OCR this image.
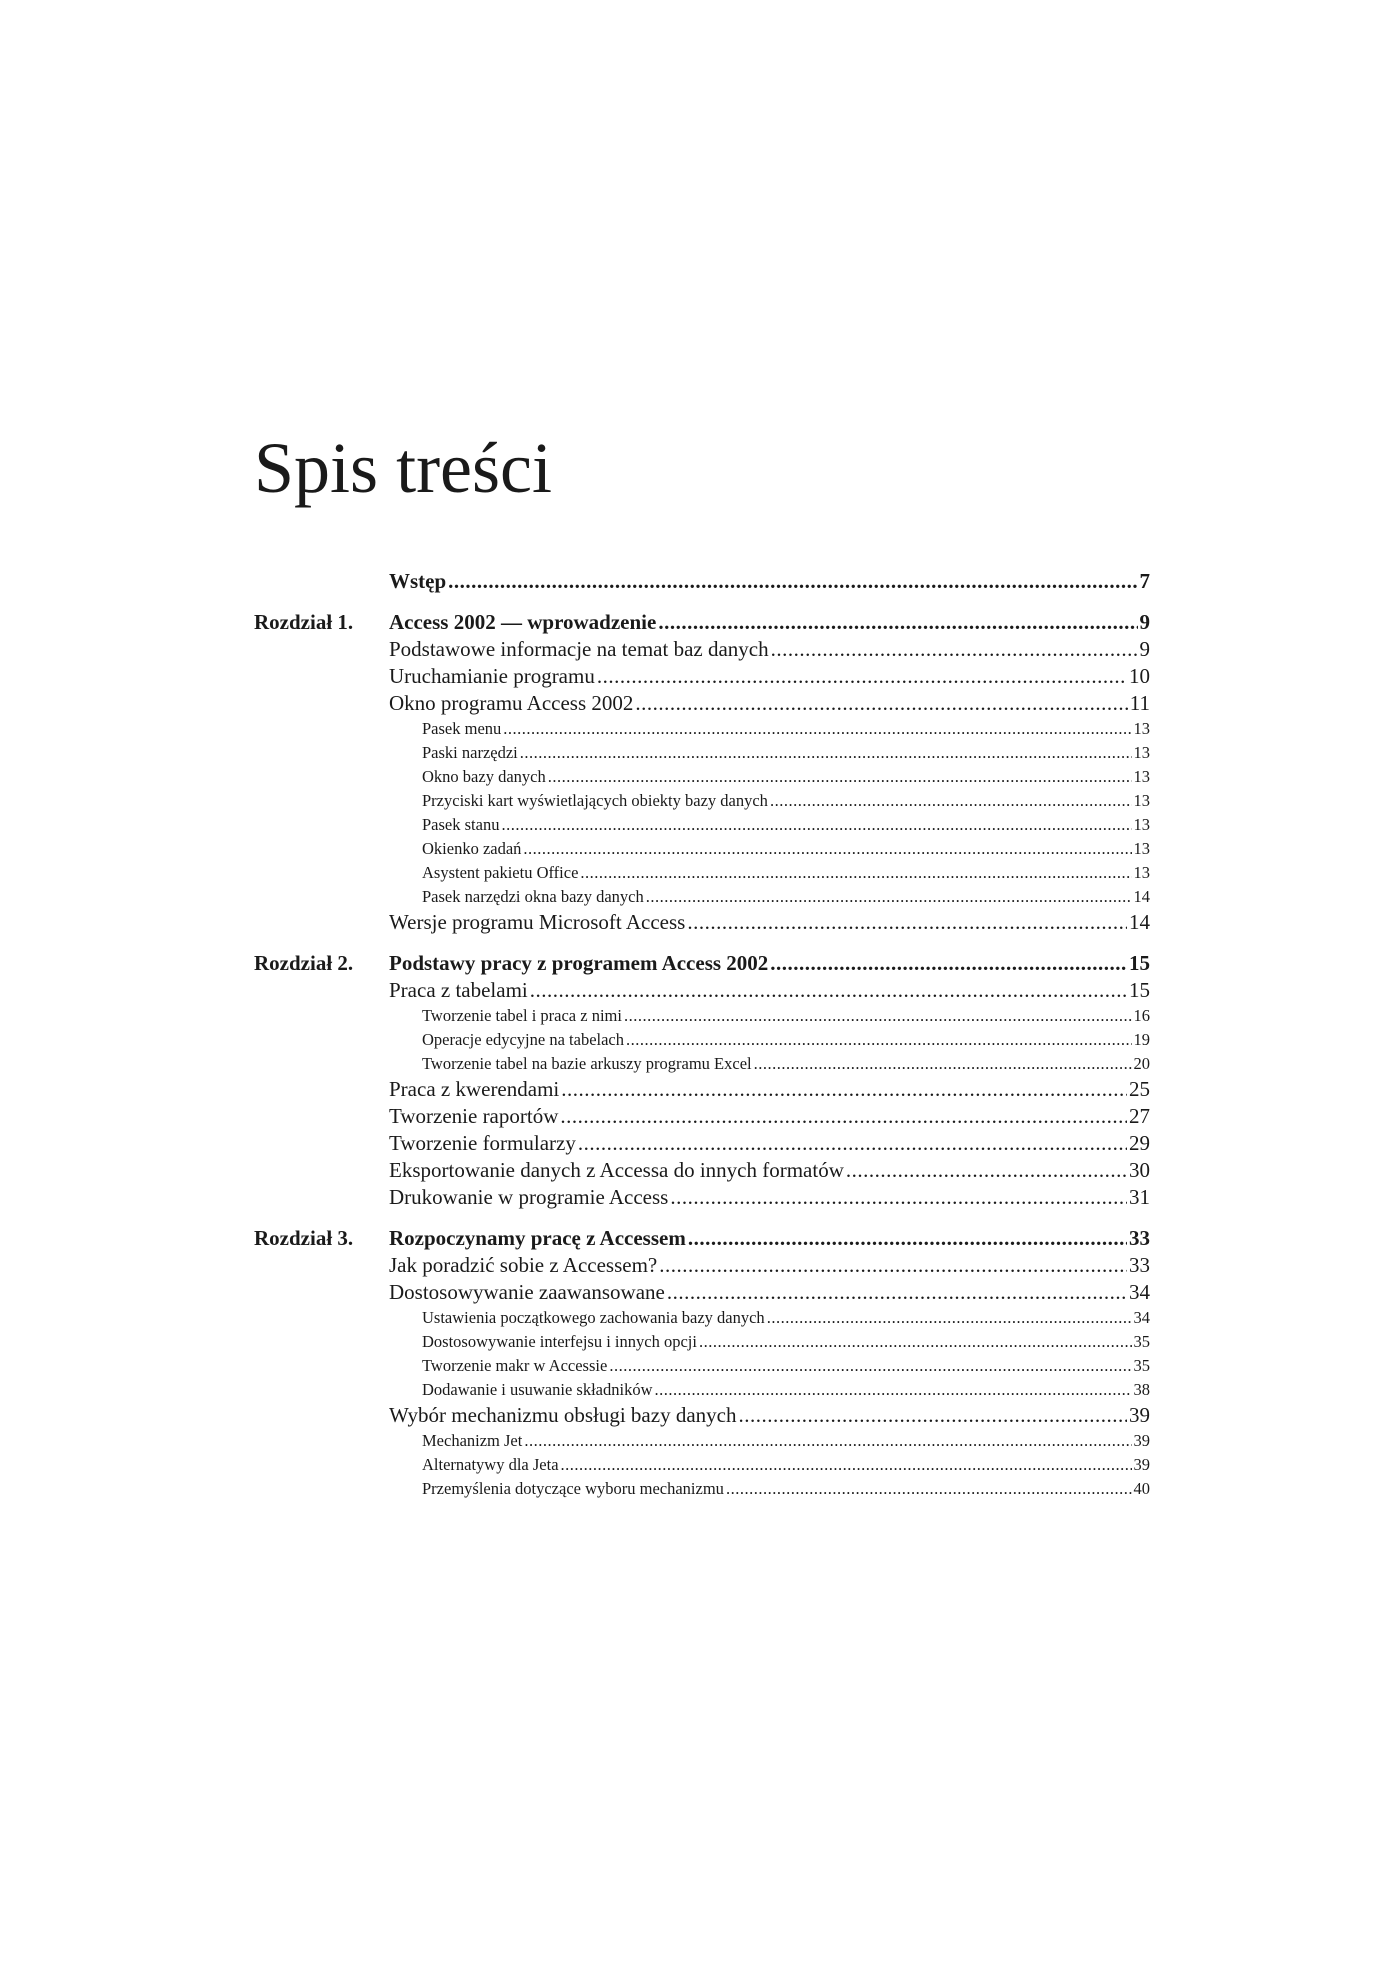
Spis treści
Wstęp .....	7
Rozdział 1. Access 2002 — wprowadzenie .....	9
Podstawowe informacje na temat baz danych .....	9
Uruchamianie programu .....	10
Okno programu Access 2002 .....	11
Pasek menu .....	13
Paski narzędzi .....	13
Okno bazy danych .....	13
Przyciski kart wyświetlających obiekty bazy danych .....	13
Pasek stanu .....	13
Okienko zadań .....	13
Asystent pakietu Office .....	13
Pasek narzędzi okna bazy danych .....	14
Wersje programu Microsoft Access .....	14
Rozdział 2. Podstawy pracy z programem Access 2002 .....	15
Praca z tabelami .....	15
Tworzenie tabel i praca z nimi .....	16
Operacje edycyjne na tabelach .....	19
Tworzenie tabel na bazie arkuszy programu Excel .....	20
Praca z kwerendami .....	25
Tworzenie raportów .....	27
Tworzenie formularzy .....	29
Eksportowanie danych z Accessa do innych formatów .....	30
Drukowanie w programie Access .....	31
Rozdział 3. Rozpoczynamy pracę z Accessem .....	33
Jak poradzić sobie z Accessem? .....	33
Dostosowywanie zaawansowane .....	34
Ustawienia początkowego zachowania bazy danych .....	34
Dostosowywanie interfejsu i innych opcji .....	35
Tworzenie makr w Accessie .....	35
Dodawanie i usuwanie składników .....	38
Wybór mechanizmu obsługi bazy danych .....	39
Mechanizm Jet .....	39
Alternatywy dla Jeta .....	39
Przemyślenia dotyczące wyboru mechanizmu .....	40
